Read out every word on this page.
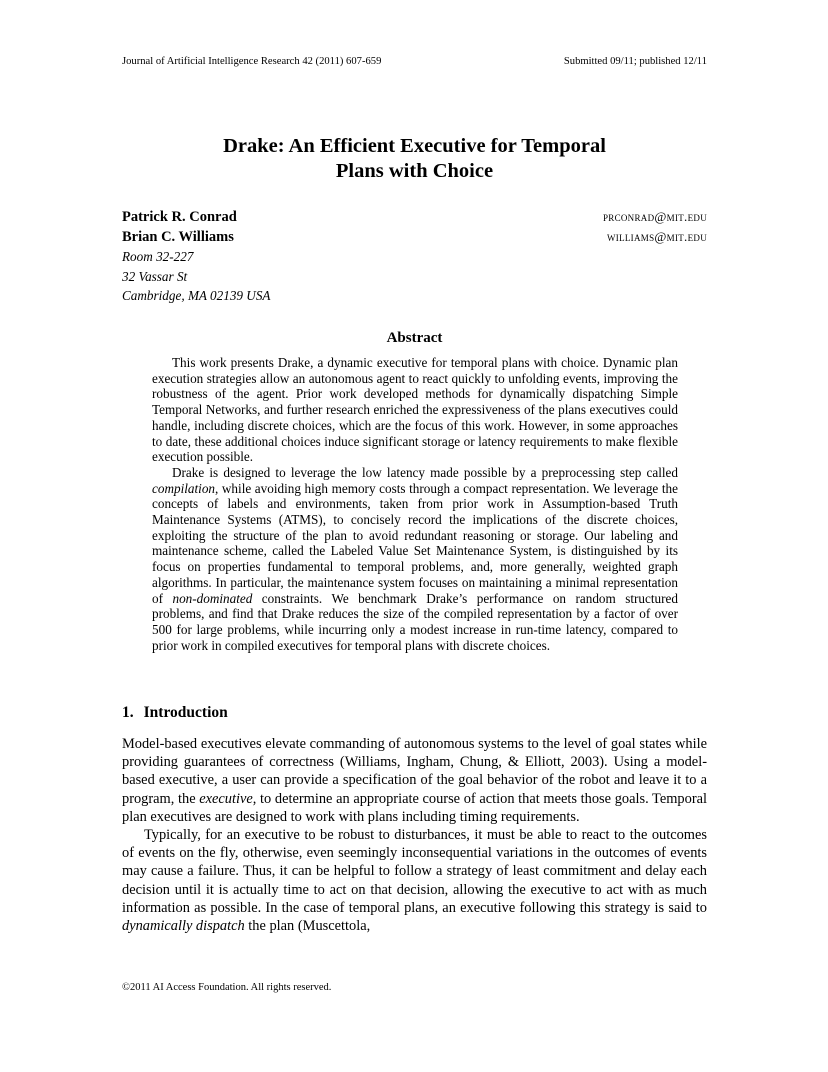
Journal of Artificial Intelligence Research 42 (2011) 607-659	Submitted 09/11; published 12/11
Drake: An Efficient Executive for Temporal
Plans with Choice
Patrick R. Conrad	prconrad@mit.edu
Brian C. Williams	williams@mit.edu
Room 32-227
32 Vassar St
Cambridge, MA 02139 USA
Abstract

This work presents Drake, a dynamic executive for temporal plans with choice. Dynamic plan execution strategies allow an autonomous agent to react quickly to unfolding events, improving the robustness of the agent. Prior work developed methods for dynamically dispatching Simple Temporal Networks, and further research enriched the expressiveness of the plans executives could handle, including discrete choices, which are the focus of this work. However, in some approaches to date, these additional choices induce significant storage or latency requirements to make flexible execution possible.

Drake is designed to leverage the low latency made possible by a preprocessing step called compilation, while avoiding high memory costs through a compact representation. We leverage the concepts of labels and environments, taken from prior work in Assumption-based Truth Maintenance Systems (ATMS), to concisely record the implications of the discrete choices, exploiting the structure of the plan to avoid redundant reasoning or storage. Our labeling and maintenance scheme, called the Labeled Value Set Maintenance System, is distinguished by its focus on properties fundamental to temporal problems, and, more generally, weighted graph algorithms. In particular, the maintenance system focuses on maintaining a minimal representation of non-dominated constraints. We benchmark Drake’s performance on random structured problems, and find that Drake reduces the size of the compiled representation by a factor of over 500 for large problems, while incurring only a modest increase in run-time latency, compared to prior work in compiled executives for temporal plans with discrete choices.

1. Introduction

Model-based executives elevate commanding of autonomous systems to the level of goal states while providing guarantees of correctness (Williams, Ingham, Chung, & Elliott, 2003). Using a model-based executive, a user can provide a specification of the goal behavior of the robot and leave it to a program, the executive, to determine an appropriate course of action that meets those goals. Temporal plan executives are designed to work with plans including timing requirements.

Typically, for an executive to be robust to disturbances, it must be able to react to the outcomes of events on the fly, otherwise, even seemingly inconsequential variations in the outcomes of events may cause a failure. Thus, it can be helpful to follow a strategy of least commitment and delay each decision until it is actually time to act on that decision, allowing the executive to act with as much information as possible. In the case of temporal plans, an executive following this strategy is said to dynamically dispatch the plan (Muscettola,

©2011 AI Access Foundation. All rights reserved.
